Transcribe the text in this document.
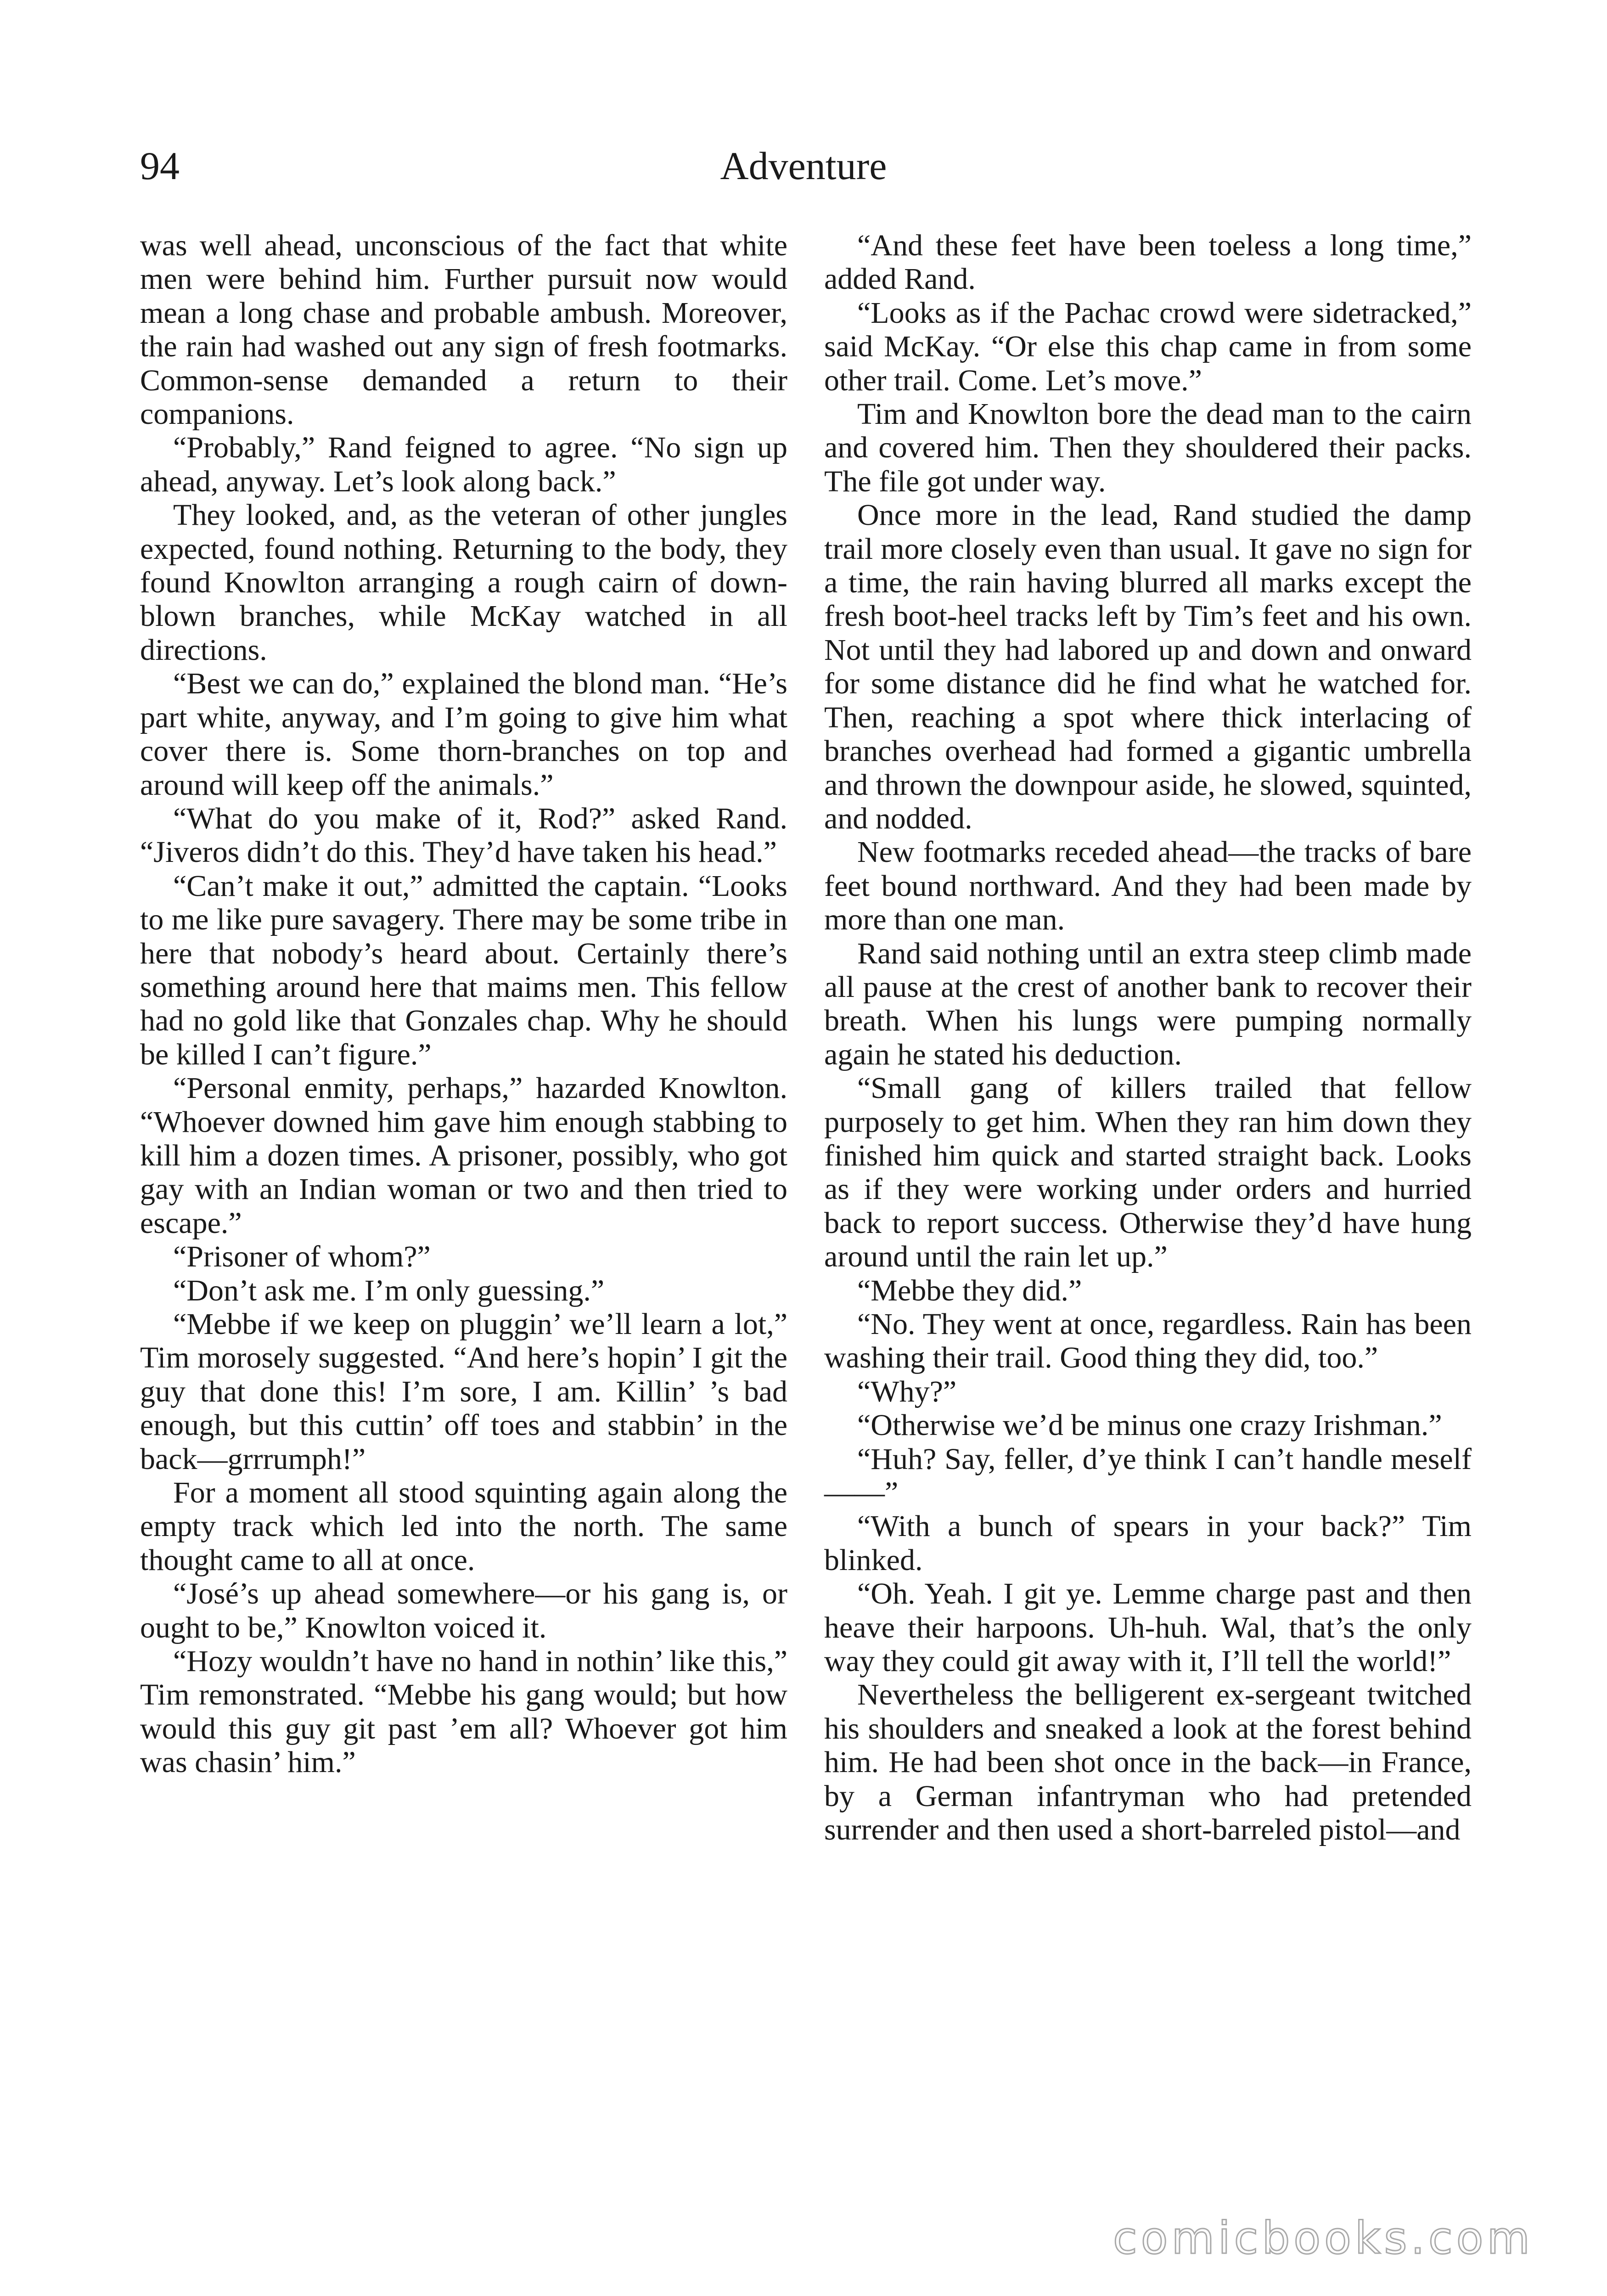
94	Adventure

was well ahead, unconscious of the fact that white men were behind him. Further pursuit now would mean a long chase and probable ambush. Moreover, the rain had washed out any sign of fresh footmarks. Common-sense demanded a return to their companions.

“Probably,” Rand feigned to agree. “No sign up ahead, anyway. Let’s look along back.”

They looked, and, as the veteran of other jungles expected, found nothing. Returning to the body, they found Knowlton arranging a rough cairn of down-blown branches, while McKay watched in all directions.

“Best we can do,” explained the blond man. “He’s part white, anyway, and I’m going to give him what cover there is. Some thorn-branches on top and around will keep off the animals.”

“What do you make of it, Rod?” asked Rand. “Jiveros didn’t do this. They’d have taken his head.”

“Can’t make it out,” admitted the captain. “Looks to me like pure savagery. There may be some tribe in here that nobody’s heard about. Certainly there’s something around here that maims men. This fellow had no gold like that Gonzales chap. Why he should be killed I can’t figure.”

“Personal enmity, perhaps,” hazarded Knowlton. “Whoever downed him gave him enough stabbing to kill him a dozen times. A prisoner, possibly, who got gay with an Indian woman or two and then tried to escape.”

“Prisoner of whom?”

“Don’t ask me. I’m only guessing.”

“Mebbe if we keep on pluggin’ we’ll learn a lot,” Tim morosely suggested. “And here’s hopin’ I git the guy that done this! I’m sore, I am. Killin’ ’s bad enough, but this cuttin’ off toes and stabbin’ in the back—grrrumph!”

For a moment all stood squinting again along the empty track which led into the north. The same thought came to all at once.

“José’s up ahead somewhere—or his gang is, or ought to be,” Knowlton voiced it.

“Hozy wouldn’t have no hand in nothin’ like this,” Tim remonstrated. “Mebbe his gang would; but how would this guy git past ’em all? Whoever got him was chasin’ him.”

“And these feet have been toeless a long time,” added Rand.

“Looks as if the Pachac crowd were sidetracked,” said McKay. “Or else this chap came in from some other trail. Come. Let’s move.”

Tim and Knowlton bore the dead man to the cairn and covered him. Then they shouldered their packs. The file got under way.

Once more in the lead, Rand studied the damp trail more closely even than usual. It gave no sign for a time, the rain having blurred all marks except the fresh boot-heel tracks left by Tim’s feet and his own. Not until they had labored up and down and onward for some distance did he find what he watched for. Then, reaching a spot where thick interlacing of branches overhead had formed a gigantic umbrella and thrown the downpour aside, he slowed, squinted, and nodded.

New footmarks receded ahead—the tracks of bare feet bound northward. And they had been made by more than one man.

Rand said nothing until an extra steep climb made all pause at the crest of another bank to recover their breath. When his lungs were pumping normally again he stated his deduction.

“Small gang of killers trailed that fellow purposely to get him. When they ran him down they finished him quick and started straight back. Looks as if they were working under orders and hurried back to report success. Otherwise they’d have hung around until the rain let up.”

“Mebbe they did.”

“No. They went at once, regardless. Rain has been washing their trail. Good thing they did, too.”

“Why?”

“Otherwise we’d be minus one crazy Irishman.”

“Huh? Say, feller, d’ye think I can’t handle meself——”

“With a bunch of spears in your back?” Tim blinked.

“Oh. Yeah. I git ye. Lemme charge past and then heave their harpoons. Uh-huh. Wal, that’s the only way they could git away with it, I’ll tell the world!”

Nevertheless the belligerent ex-sergeant twitched his shoulders and sneaked a look at the forest behind him. He had been shot once in the back—in France, by a German infantryman who had pretended surrender and then used a short-barreled pistol—and

comicbooks.com
